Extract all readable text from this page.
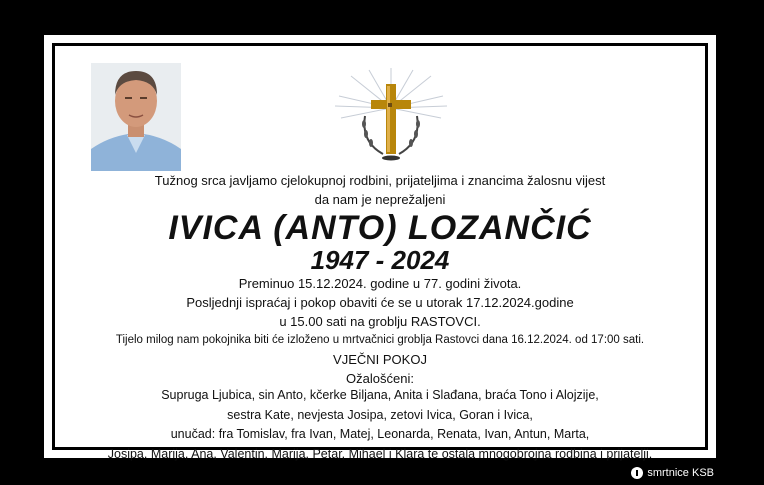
Tužnog srca javljamo cjelokupnoj rodbini, prijateljima i znancima žalosnu vijest
da nam je neprežaljeni
IVICA (ANTO) LOZANČIĆ
1947 - 2024
Preminuo 15.12.2024. godine u 77. godini života.
Posljednji ispraćaj i pokop obaviti će se u utorak 17.12.2024.godine
u 15.00 sati na groblju RASTOVCI.
Tijelo milog nam pokojnika biti će izloženo u mrtvačnici groblja Rastovci dana 16.12.2024. od 17:00 sati.
VJEČNI POKOJ
Ožalošćeni:
Supruga Ljubica, sin Anto, kčerke Biljana, Anita i Slađana, braća Tono i Alojzije,
sestra Kate, nevjesta Josipa, zetovi Ivica, Goran i Ivica,
unučad: fra Tomislav, fra Ivan, Matej, Leonarda, Renata, Ivan, Antun, Marta,
Josipa, Marija, Ana, Valentin, Marija, Petar, Mihael i Klara te ostala mnogobrojna rodbina i prijatelji.
smrtnice KSB
